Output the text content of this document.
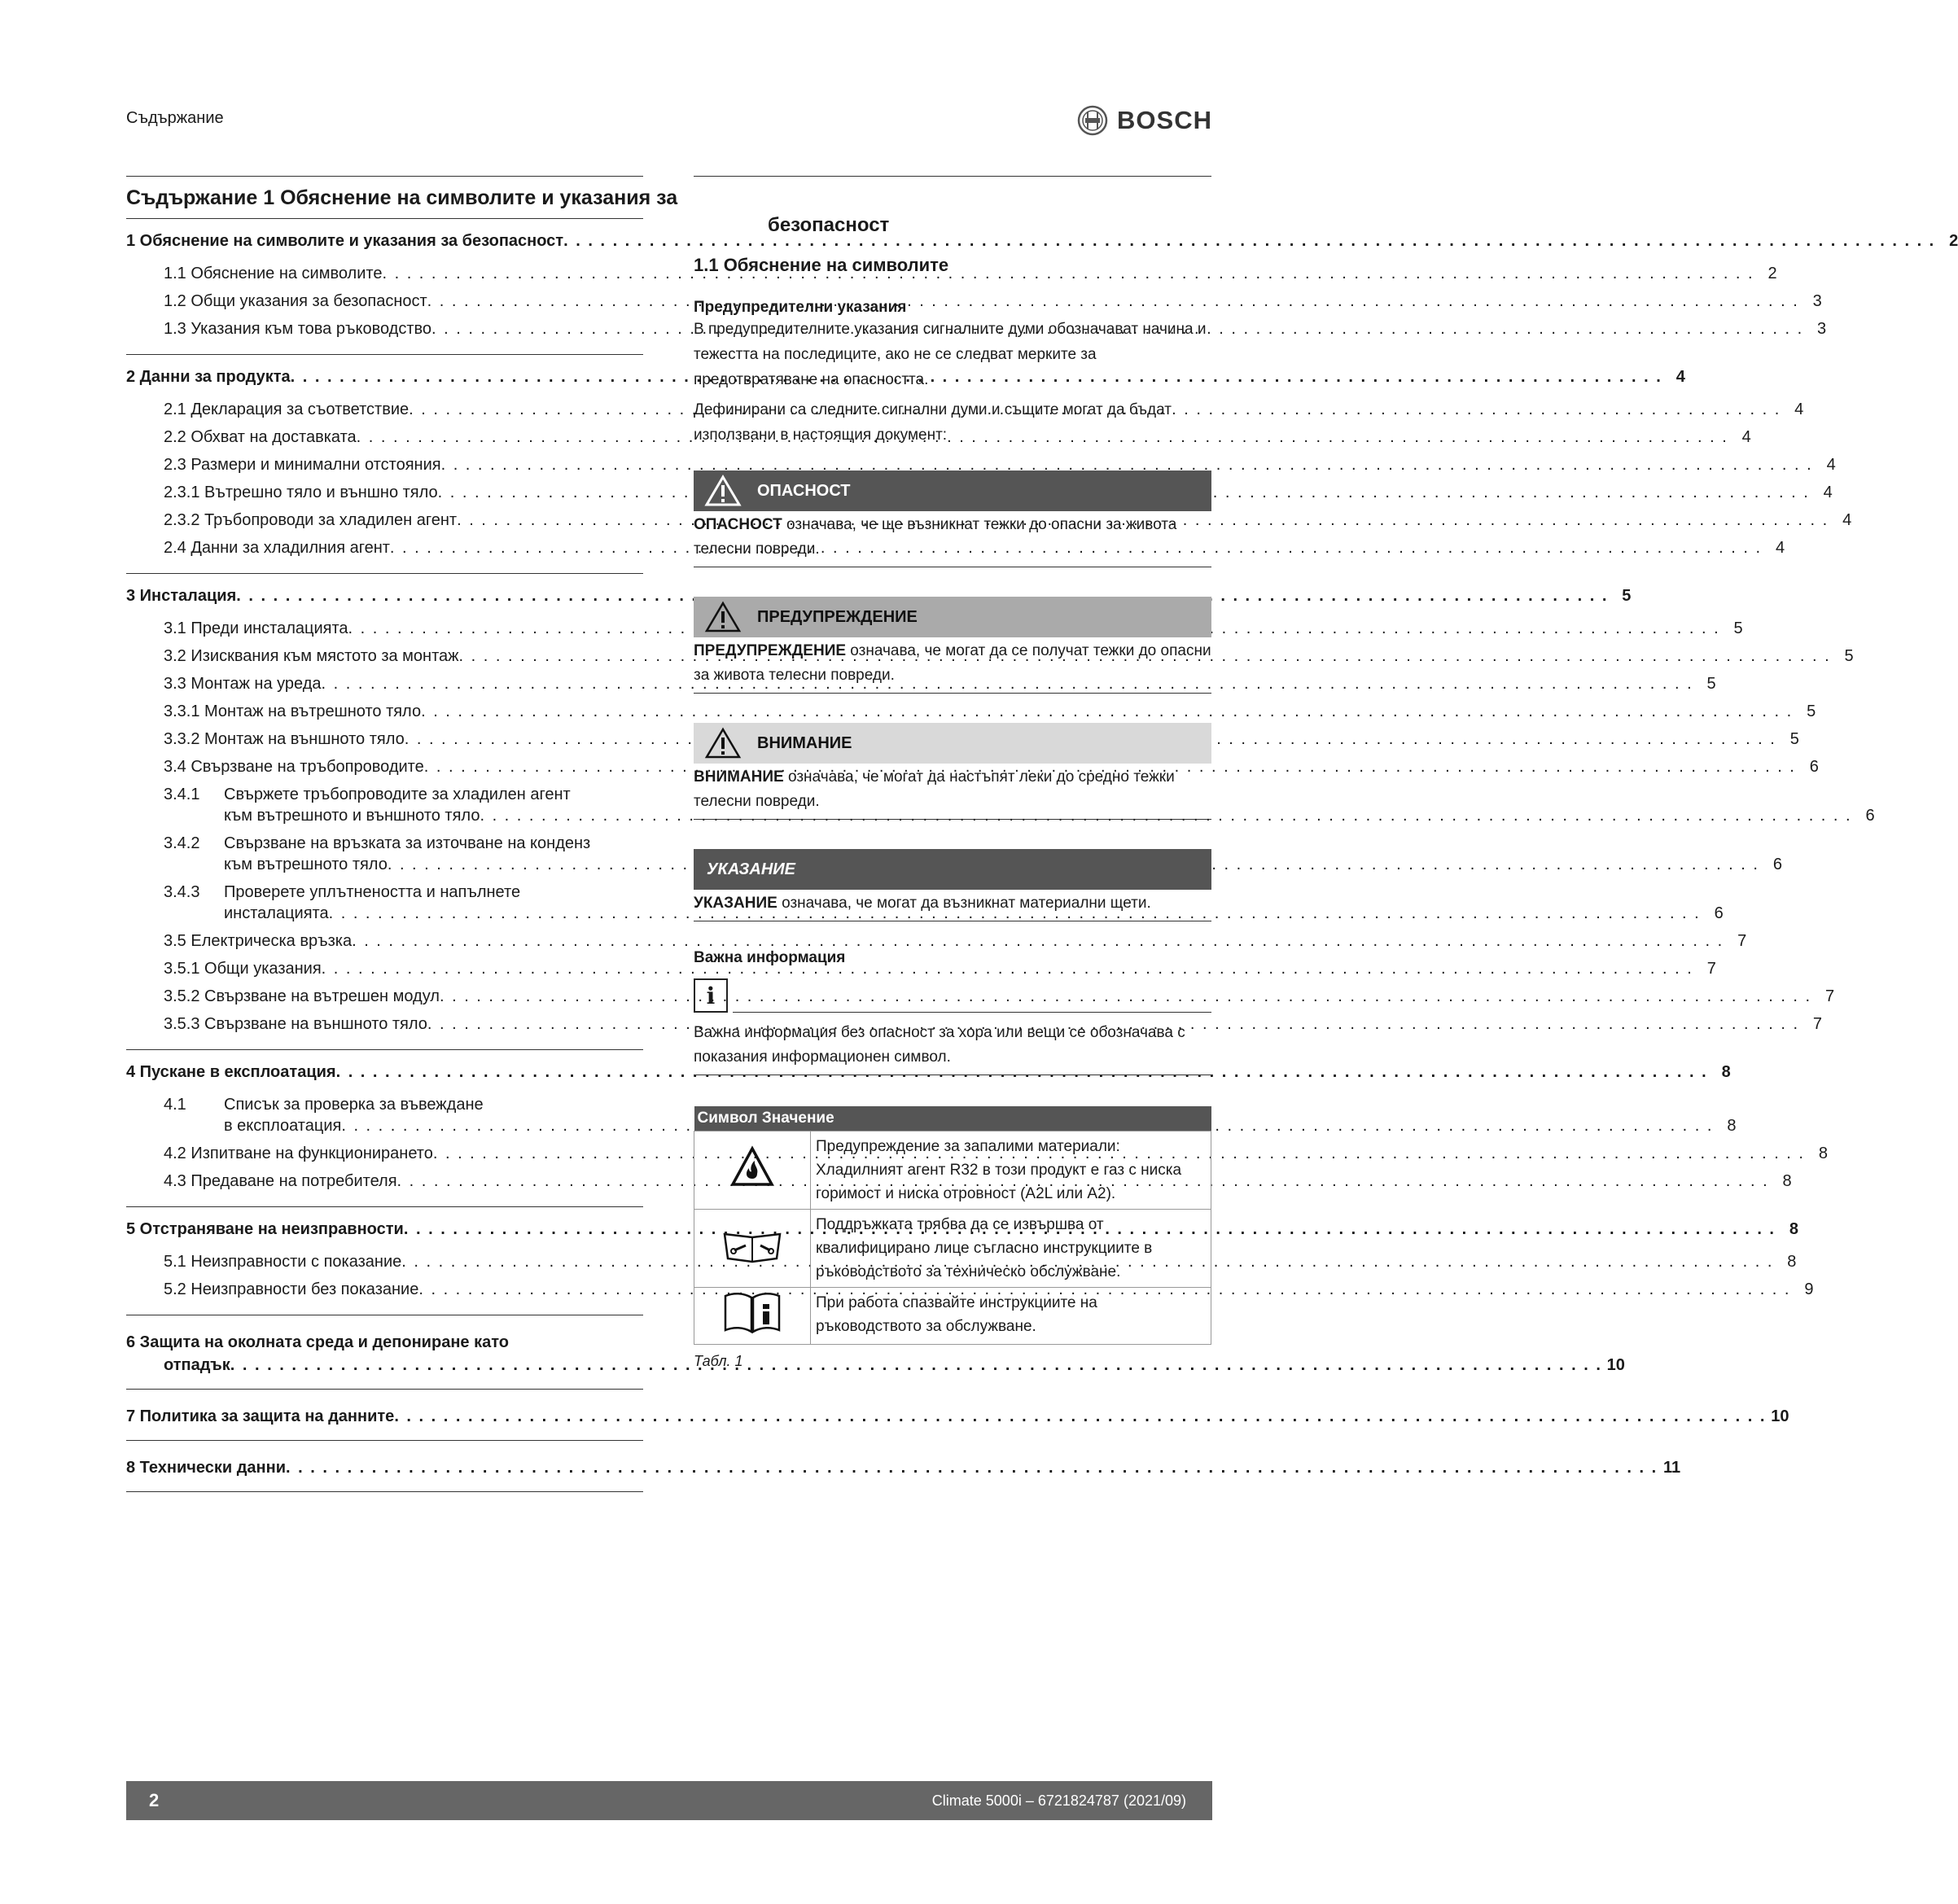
Съдържание	BOSCH
Съдържание 1 Обяснение на символите и указания за
1 Обяснение на символите и указания за безопасност . . .	2
1.1 Обяснение на символите . . .	2
1.2 Общи указания за безопасност . . .	3
1.3 Указания към това ръководство . . .	3
2 Данни за продукта . . .	4
2.1 Декларация за съответствие . . .	4
2.2 Обхват на доставката . . .	4
2.3 Размери и минимални отстояния . . .	4
2.3.1 Вътрешно тяло и външно тяло . . .	4
2.3.2 Тръбопроводи за хладилен агент . . .	4
2.4 Данни за хладилния агент . . .	4
3 Инсталация . . .	5
3.1 Преди инсталацията . . .	5
3.2 Изисквания към мястото за монтаж . . .	5
3.3 Монтаж на уреда . . .	5
3.3.1 Монтаж на вътрешното тяло . . .	5
3.3.2 Монтаж на външното тяло . . .	5
3.4 Свързване на тръбопроводите . . .	6
3.4.1	Свържете тръбопроводите за хладилен агент
към вътрешното и външното тяло . . .	6
3.4.2	Свързване на връзката за източване на конденз
към вътрешното тяло . . .	6
3.4.3	Проверете уплътнеността и напълнете
инсталацията . . .	6
3.5 Електрическа връзка . . .	7
3.5.1 Общи указания . . .	7
3.5.2 Свързване на вътрешен модул . . .	7
3.5.3 Свързване на външното тяло . . .	7
4 Пускане в експлоатация . . .	8
4.1	Списък за проверка за въвеждане
в експлоатация . . .	8
4.2 Изпитване на функционирането . . .	8
4.3 Предаване на потребителя . . .	8
5 Отстраняване на неизправности . . .	8
5.1 Неизправности с показание . . .	8
5.2 Неизправности без показание . . .	9
6 Защита на околната среда и депониране като
отпадък . . .	10
7 Политика за защита на данните . . .	10
8 Технически данни . . .	11
безопасност
1.1 Обяснение на символите
Предупредителни указания
В предупредителните указания сигналните думи обозначават начина и тежестта на последиците, ако не се следват мерките за предотвратяване на опасността.
Дефинирани са следните сигнални думи и същите могат да бъдат използвани в настоящия документ:
ОПАСНОСТ
ОПАСНОСТ означава, че ще възникнат тежки до опасни за живота телесни повреди.
ПРЕДУПРЕЖДЕНИЕ
ПРЕДУПРЕЖДЕНИЕ означава, че могат да се получат тежки до опасни за живота телесни повреди.
ВНИМАНИЕ
ВНИМАНИЕ означава, че могат да настъпят леки до средно тежки телесни повреди.
УКАЗАНИЕ
УКАЗАНИЕ означава, че могат да възникнат материални щети.
Важна информация
i
Важна информация без опасност за хора или вещи се обозначава с показания информационен символ.
Символ Значение	
	Предупреждение за запалими материали: Хладилният агент R32 в този продукт е газ с ниска горимост и ниска отровност (A2L или A2).
	Поддръжката трябва да се извършва от квалифицирано лице съгласно инструкциите в ръководството за техническо обслужване.
	При работа спазвайте инструкциите на ръководството за обслужване.
Табл. 1
2	Climate 5000i – 6721824787 (2021/09)
